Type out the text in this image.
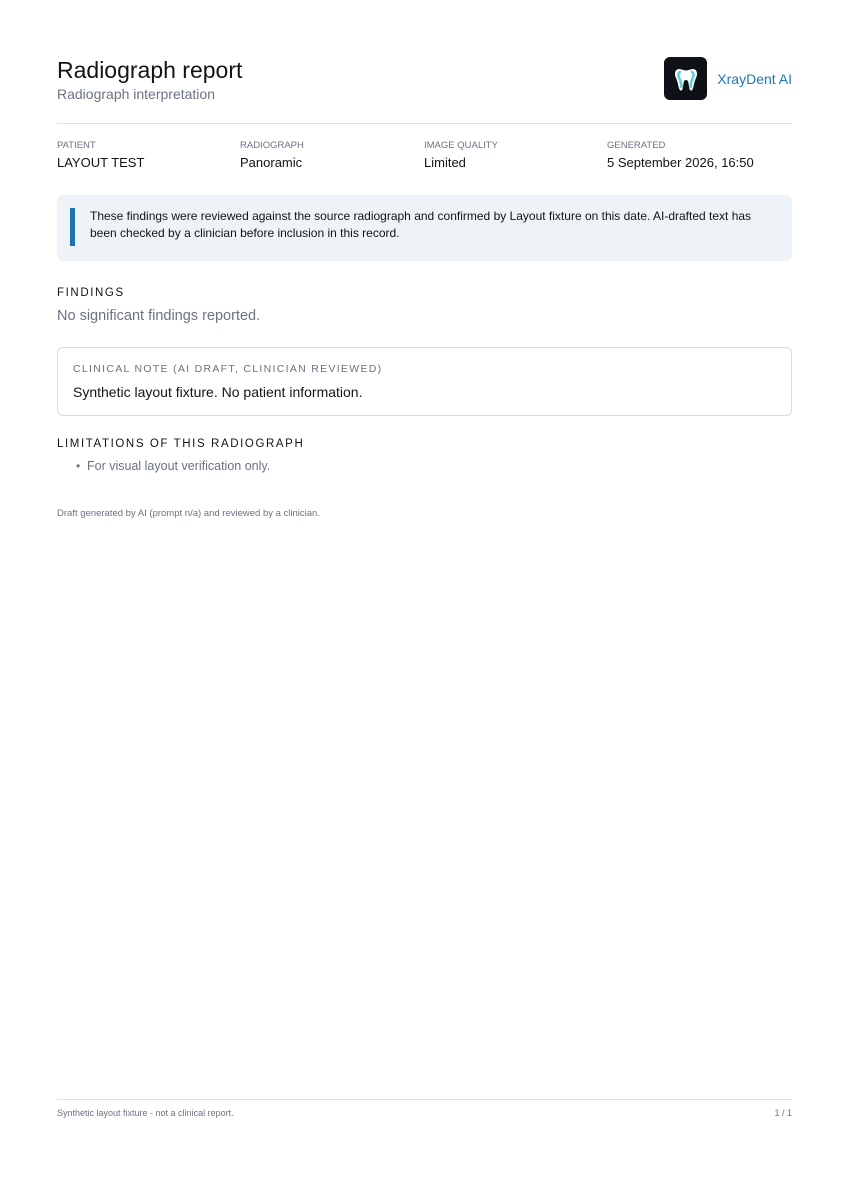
Radiograph report
Radiograph interpretation
XrayDent AI
PATIENT
LAYOUT TEST
RADIOGRAPH
Panoramic
IMAGE QUALITY
Limited
GENERATED
5 September 2026, 16:50
These findings were reviewed against the source radiograph and confirmed by Layout fixture on this date. AI-drafted text has been checked by a clinician before inclusion in this record.
FINDINGS
No significant findings reported.
CLINICAL NOTE (AI DRAFT, CLINICIAN REVIEWED)
Synthetic layout fixture. No patient information.
LIMITATIONS OF THIS RADIOGRAPH
• For visual layout verification only.
Draft generated by AI (prompt n/a) and reviewed by a clinician.
Synthetic layout fixture - not a clinical report.	1 / 1
